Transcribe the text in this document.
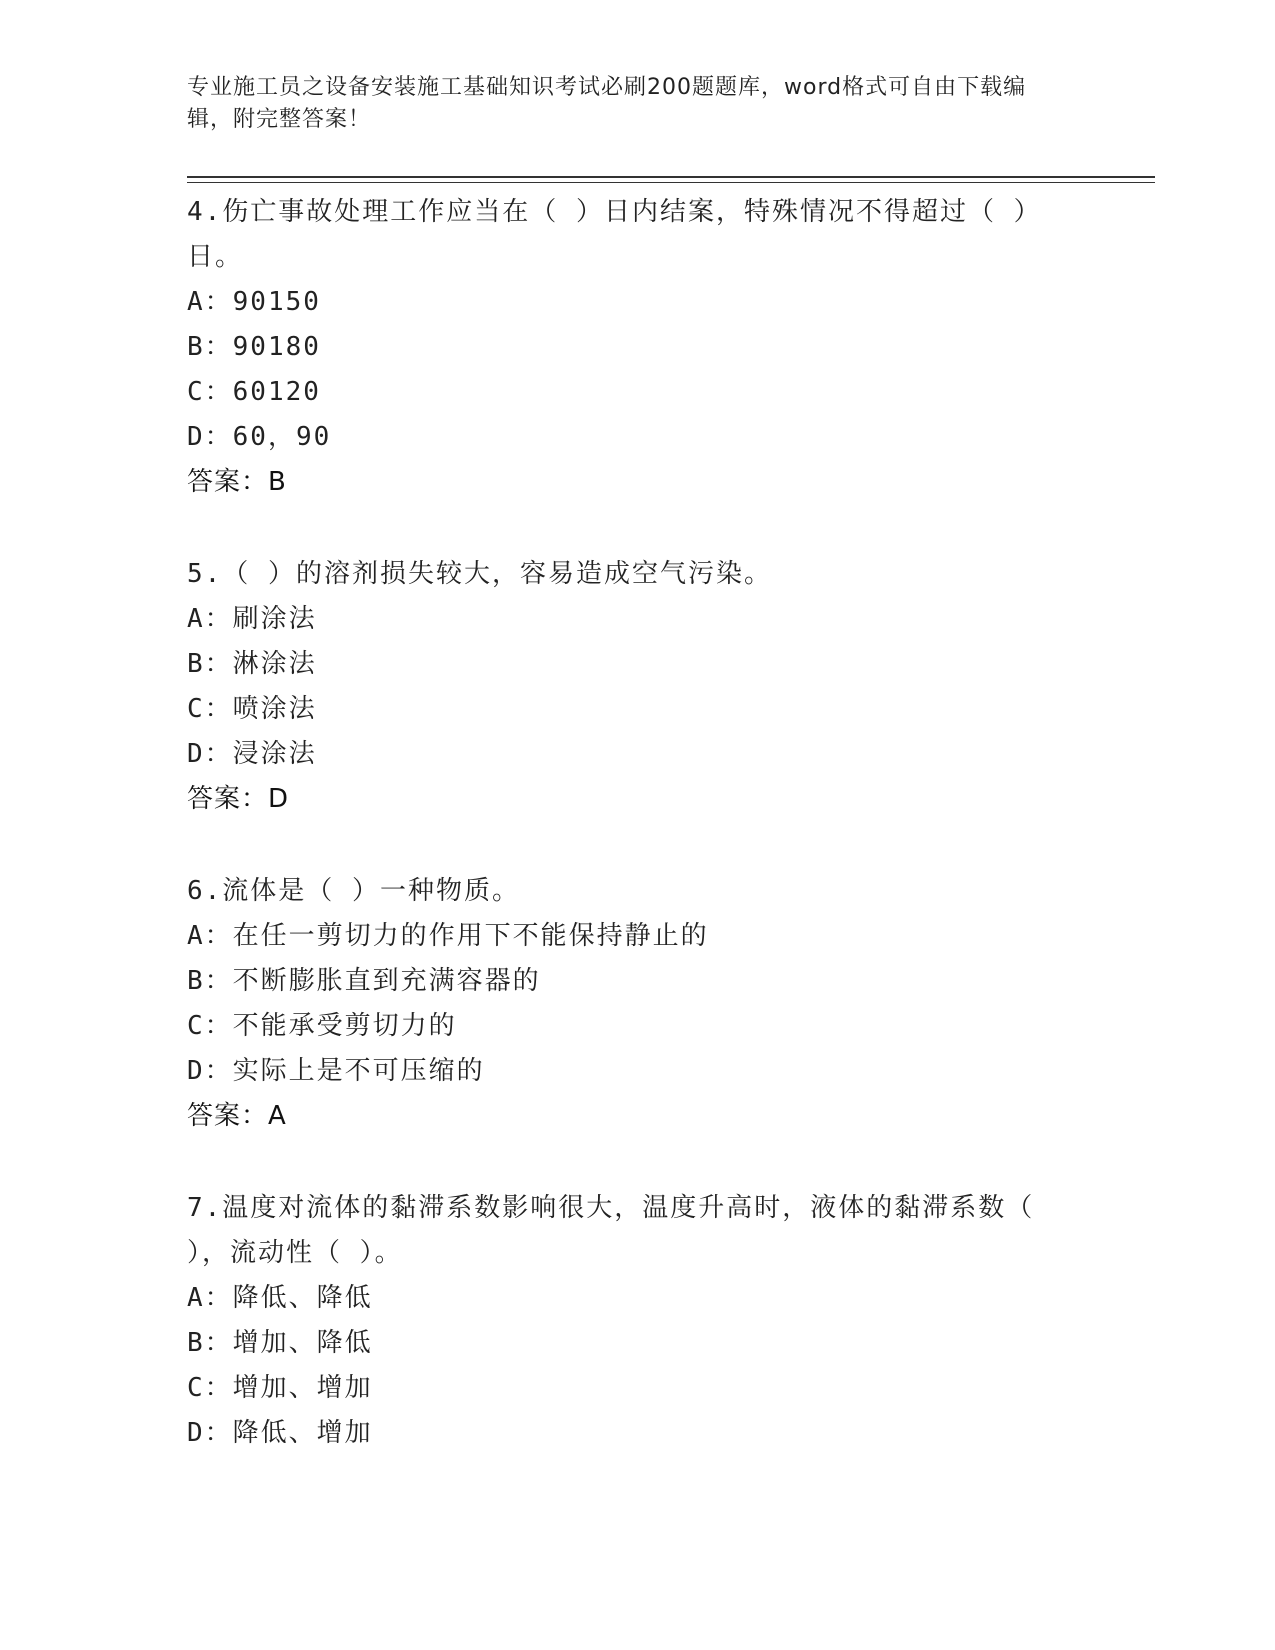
专业施工员之设备安装施工基础知识考试必刷200题题库，word格式可自由下载编辑，附完整答案！

4.伤亡事故处理工作应当在（ ）日内结案，特殊情况不得超过（ ）日。

A：90150

B：90180

C：60120

D：60，90

答案：B

5.（ ）的溶剂损失较大，容易造成空气污染。

A：刷涂法

B：淋涂法

C：喷涂法

D：浸涂法

答案：D

6.流体是（ ）一种物质。

A：在任一剪切力的作用下不能保持静止的

B：不断膨胀直到充满容器的

C：不能承受剪切力的

D：实际上是不可压缩的

答案：A

7.温度对流体的黏滞系数影响很大，温度升高时，液体的黏滞系数（ ），流动性（ ）。

A：降低、降低

B：增加、降低

C：增加、增加

D：降低、增加
